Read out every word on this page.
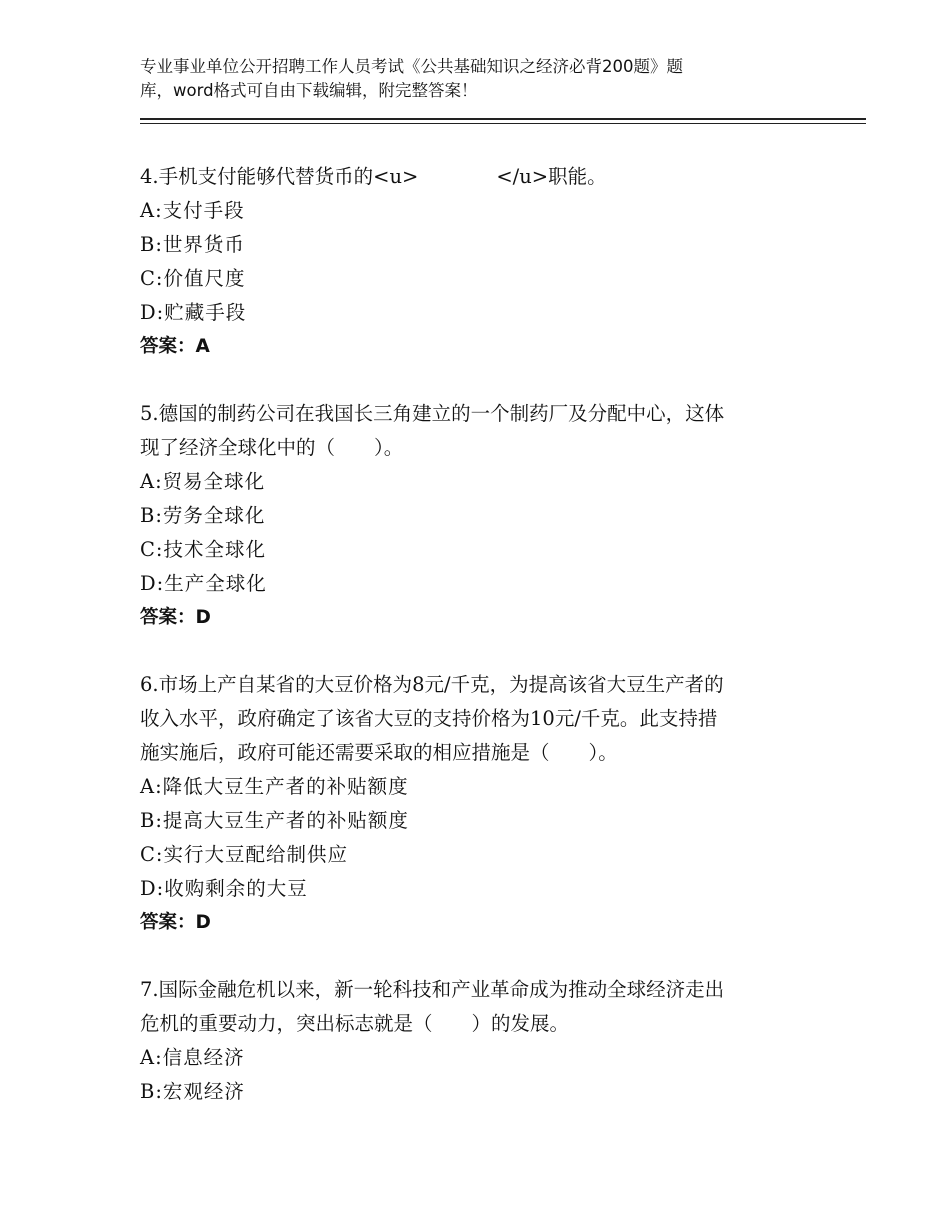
专业事业单位公开招聘工作人员考试《公共基础知识之经济必背200题》题
库，word格式可自由下载编辑，附完整答案！

4.手机支付能够代替货币的<u>	</u>职能。

A:支付手段

B:世界货币

C:价值尺度

D:贮藏手段

答案：A

5.德国的制药公司在我国长三角建立的一个制药厂及分配中心，这体

现了经济全球化中的（　　）。

A:贸易全球化

B:劳务全球化

C:技术全球化

D:生产全球化

答案：D

6.市场上产自某省的大豆价格为8元/千克，为提高该省大豆生产者的

收入水平，政府确定了该省大豆的支持价格为10元/千克。此支持措

施实施后，政府可能还需要采取的相应措施是（　　）。

A:降低大豆生产者的补贴额度

B:提高大豆生产者的补贴额度

C:实行大豆配给制供应

D:收购剩余的大豆

答案：D

7.国际金融危机以来，新一轮科技和产业革命成为推动全球经济走出

危机的重要动力，突出标志就是（　　）的发展。

A:信息经济

B:宏观经济
